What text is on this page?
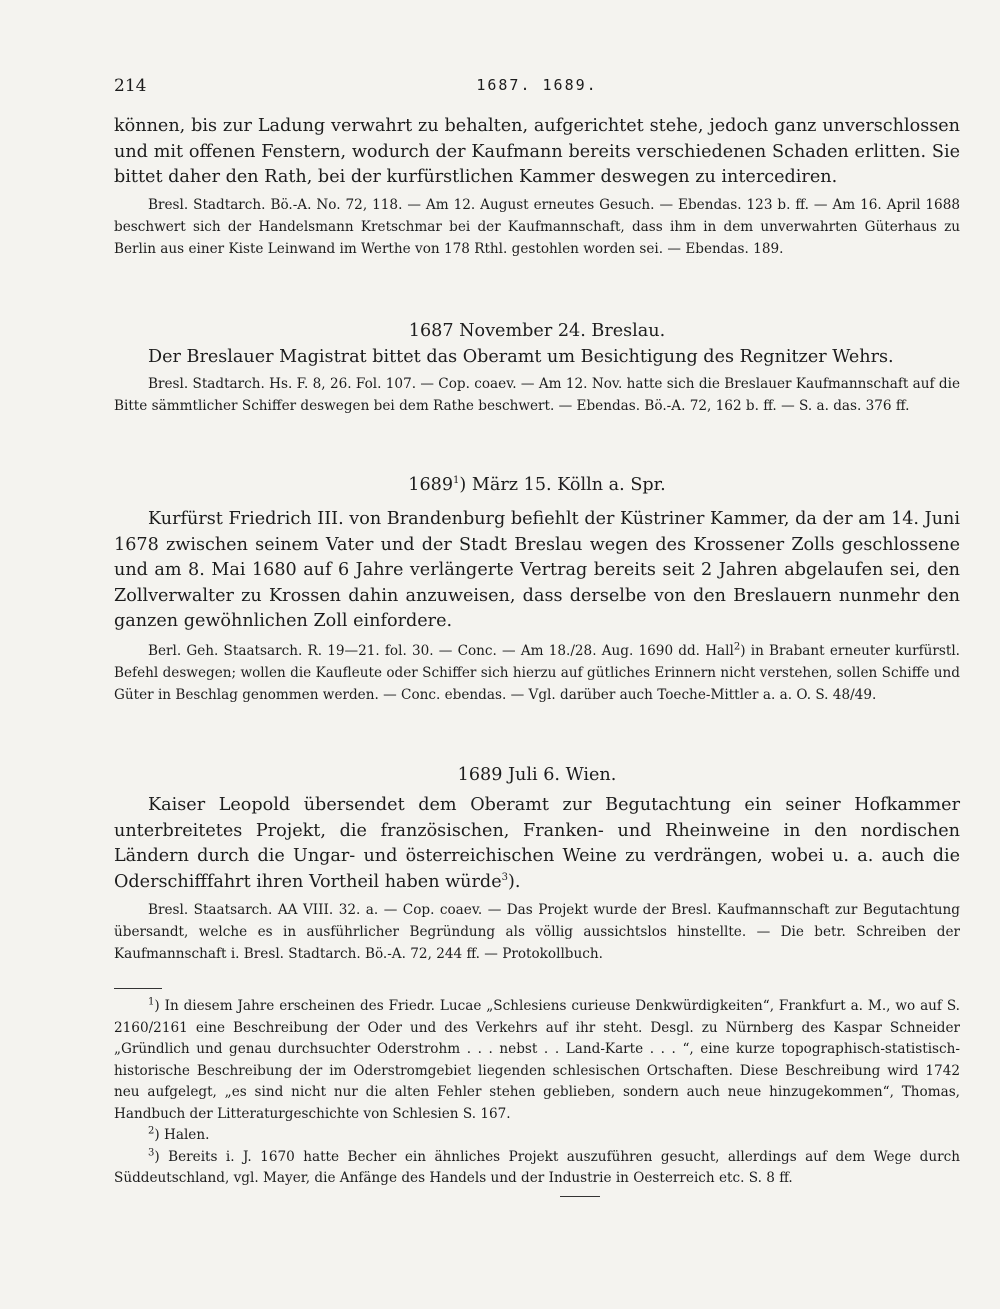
214	1687. 1689.

können, bis zur Ladung verwahrt zu behalten, aufgerichtet stehe, jedoch ganz unverschlossen und mit offenen Fenstern, wodurch der Kaufmann bereits verschiedenen Schaden erlitten. Sie bittet daher den Rath, bei der kurfürstlichen Kammer deswegen zu intercediren.

Bresl. Stadtarch. Bö.-A. No. 72, 118. — Am 12. August erneutes Gesuch. — Ebendas. 123 b. ff. — Am 16. April 1688 beschwert sich der Handelsmann Kretschmar bei der Kaufmannschaft, dass ihm in dem unverwahrten Güterhaus zu Berlin aus einer Kiste Leinwand im Werthe von 178 Rthl. gestohlen worden sei. — Ebendas. 189.

1687 November 24. Breslau.

Der Breslauer Magistrat bittet das Oberamt um Besichtigung des Regnitzer Wehrs.

Bresl. Stadtarch. Hs. F. 8, 26. Fol. 107. — Cop. coaev. — Am 12. Nov. hatte sich die Breslauer Kaufmannschaft auf die Bitte sämmtlicher Schiffer deswegen bei dem Rathe beschwert. — Ebendas. Bö.-A. 72, 162 b. ff. — S. a. das. 376 ff.

1689$^1$) März 15. Kölln a. Spr.

Kurfürst Friedrich III. von Brandenburg befiehlt der Küstriner Kammer, da der am 14. Juni 1678 zwischen seinem Vater und der Stadt Breslau wegen des Krossener Zolls geschlossene und am 8. Mai 1680 auf 6 Jahre verlängerte Vertrag bereits seit 2 Jahren abgelaufen sei, den Zollverwalter zu Krossen dahin anzuweisen, dass derselbe von den Breslauern nunmehr den ganzen gewöhnlichen Zoll einfordere.

Berl. Geh. Staatsarch. R. 19—21. fol. 30. — Conc. — Am 18./28. Aug. 1690 dd. Hall$^2$) in Brabant erneuter kurfürstl. Befehl deswegen; wollen die Kaufleute oder Schiffer sich hierzu auf gütliches Erinnern nicht verstehen, sollen Schiffe und Güter in Beschlag genommen werden. — Conc. ebendas. — Vgl. darüber auch Toeche-Mittler a. a. O. S. 48/49.

1689 Juli 6. Wien.

Kaiser Leopold übersendet dem Oberamt zur Begutachtung ein seiner Hofkammer unterbreitetes Projekt, die französischen, Franken- und Rheinweine in den nordischen Ländern durch die Ungar- und österreichischen Weine zu verdrängen, wobei u. a. auch die Oderschifffahrt ihren Vortheil haben würde$^3$).

Bresl. Staatsarch. AA VIII. 32. a. — Cop. coaev. — Das Projekt wurde der Bresl. Kaufmannschaft zur Begutachtung übersandt, welche es in ausführlicher Begründung als völlig aussichtslos hinstellte. — Die betr. Schreiben der Kaufmannschaft i. Bresl. Stadtarch. Bö.-A. 72, 244 ff. — Protokollbuch.

$^1$) In diesem Jahre erscheinen des Friedr. Lucae „Schlesiens curieuse Denkwürdigkeiten“, Frankfurt a. M., wo auf S. 2160/2161 eine Beschreibung der Oder und des Verkehrs auf ihr steht. Desgl. zu Nürnberg des Kaspar Schneider „Gründlich und genau durchsuchter Oderstrohm . . . nebst . . Land-Karte . . . “, eine kurze topographisch-statistisch-historische Beschreibung der im Oderstromgebiet liegenden schlesischen Ortschaften. Diese Beschreibung wird 1742 neu aufgelegt, „es sind nicht nur die alten Fehler stehen geblieben, sondern auch neue hinzugekommen“, Thomas, Handbuch der Litteraturgeschichte von Schlesien S. 167.

$^2$) Halen.

$^3$) Bereits i. J. 1670 hatte Becher ein ähnliches Projekt auszuführen gesucht, allerdings auf dem Wege durch Süddeutschland, vgl. Mayer, die Anfänge des Handels und der Industrie in Oesterreich etc. S. 8 ff.
